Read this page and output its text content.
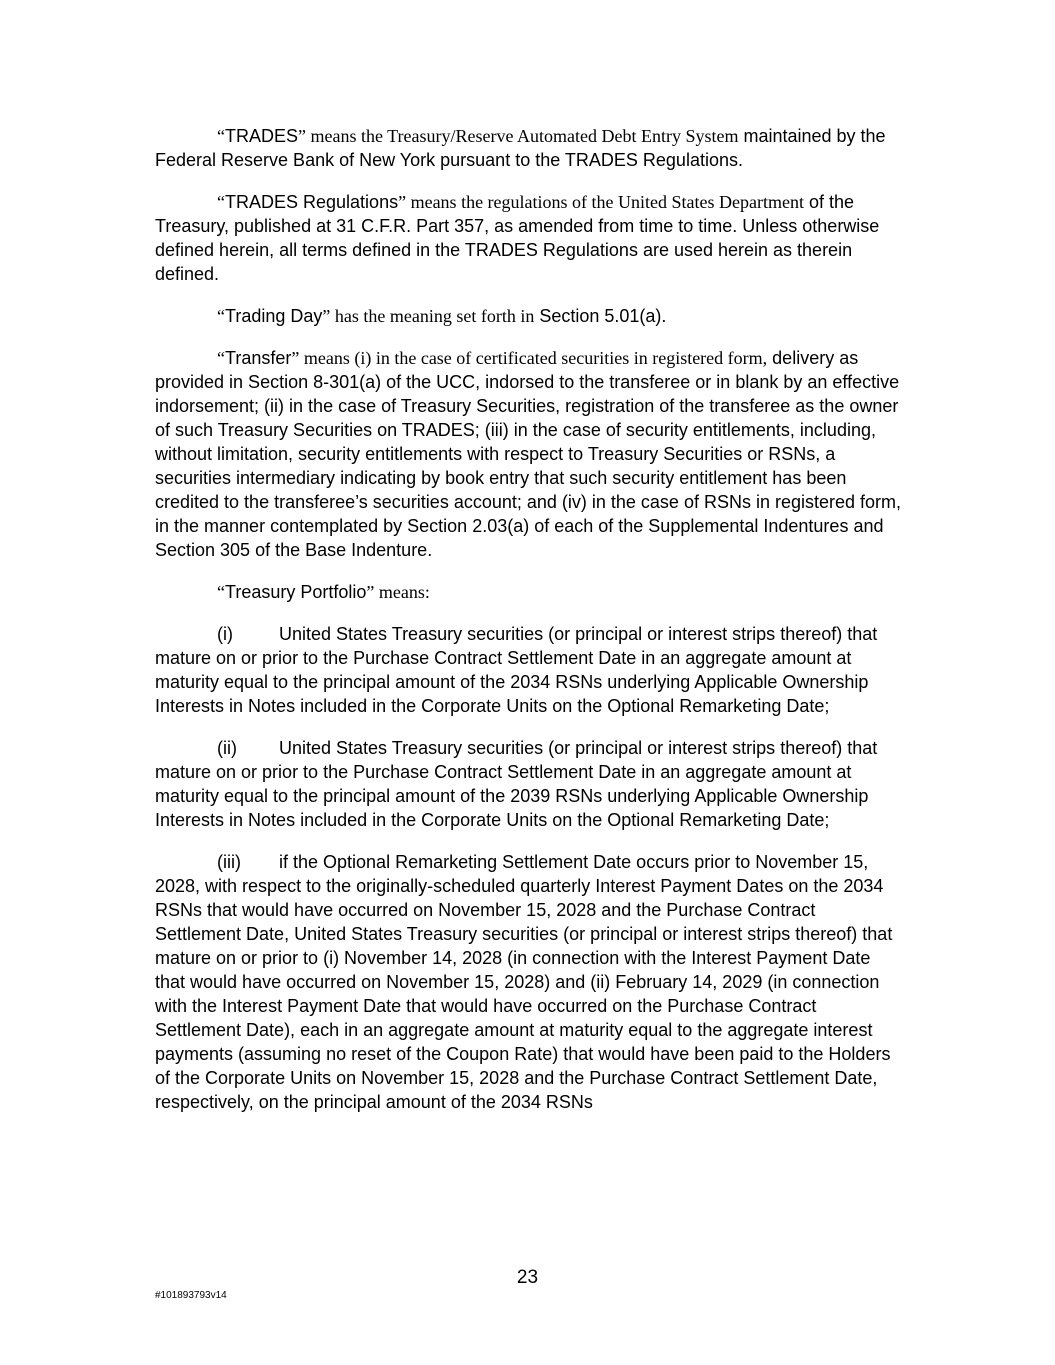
“TRADES” means the Treasury/Reserve Automated Debt Entry System maintained by the Federal Reserve Bank of New York pursuant to the TRADES Regulations.

“TRADES Regulations” means the regulations of the United States Department of the Treasury, published at 31 C.F.R. Part 357, as amended from time to time. Unless otherwise defined herein, all terms defined in the TRADES Regulations are used herein as therein defined.

“Trading Day” has the meaning set forth in Section 5.01(a).

“Transfer” means (i) in the case of certificated securities in registered form, delivery as provided in Section 8-301(a) of the UCC, indorsed to the transferee or in blank by an effective indorsement; (ii) in the case of Treasury Securities, registration of the transferee as the owner of such Treasury Securities on TRADES; (iii) in the case of security entitlements, including, without limitation, security entitlements with respect to Treasury Securities or RSNs, a securities intermediary indicating by book entry that such security entitlement has been credited to the transferee’s securities account; and (iv) in the case of RSNs in registered form, in the manner contemplated by Section 2.03(a) of each of the Supplemental Indentures and Section 305 of the Base Indenture.

“Treasury Portfolio” means:

(i)	United States Treasury securities (or principal or interest strips thereof) that mature on or prior to the Purchase Contract Settlement Date in an aggregate amount at maturity equal to the principal amount of the 2034 RSNs underlying Applicable Ownership Interests in Notes included in the Corporate Units on the Optional Remarketing Date;

(ii) United States Treasury securities (or principal or interest strips thereof) that mature on or prior to the Purchase Contract Settlement Date in an aggregate amount at maturity equal to the principal amount of the 2039 RSNs underlying Applicable Ownership Interests in Notes included in the Corporate Units on the Optional Remarketing Date;

(iii) if the Optional Remarketing Settlement Date occurs prior to November 15, 2028, with respect to the originally-scheduled quarterly Interest Payment Dates on the 2034 RSNs that would have occurred on November 15, 2028 and the Purchase Contract Settlement Date, United States Treasury securities (or principal or interest strips thereof) that mature on or prior to (i) November 14, 2028 (in connection with the Interest Payment Date that would have occurred on November 15, 2028) and (ii) February 14, 2029 (in connection with the Interest Payment Date that would have occurred on the Purchase Contract Settlement Date), each in an aggregate amount at maturity equal to the aggregate interest payments (assuming no reset of the Coupon Rate) that would have been paid to the Holders of the Corporate Units on November 15, 2028 and the Purchase Contract Settlement Date, respectively, on the principal amount of the 2034 RSNs

23
#101893793v14
